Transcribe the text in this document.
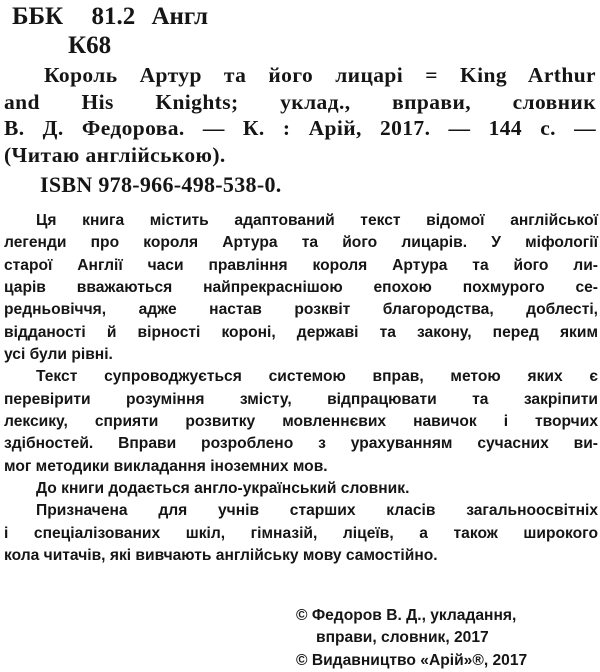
ББК 81.2 Англ
К68
Король Артур та його лицарі = King Arthur
and His Knights; уклад., вправи, словник
В. Д. Федорова. — К. : Арій, 2017. — 144 с. —
(Читаю англійською).
ISBN 978-966-498-538-0.
Ця книга містить адаптований текст відомої англійської
легенди про короля Артура та його лицарів. У міфології
старої Англії часи правління короля Артура та його ли-
царів вважаються найпрекраснішою епохою похмурого се-
редньовіччя, адже настав розквіт благородства, доблесті,
відданості й вірності короні, державі та закону, перед яким
усі були рівні.
Текст супроводжується системою вправ, метою яких є
перевірити розуміння змісту, відпрацювати та закріпити
лексику, сприяти розвитку мовленнєвих навичок і творчих
здібностей. Вправи розроблено з урахуванням сучасних ви-
мог методики викладання іноземних мов.
До книги додається англо-український словник.
Призначена для учнів старших класів загальноосвітніх
і спеціалізованих шкіл, гімназій, ліцеїв, а також широкого
кола читачів, які вивчають англійську мову самостійно.
© Федоров В. Д., укладання,
вправи, словник, 2017
© Видавництво «Арій»®, 2017
